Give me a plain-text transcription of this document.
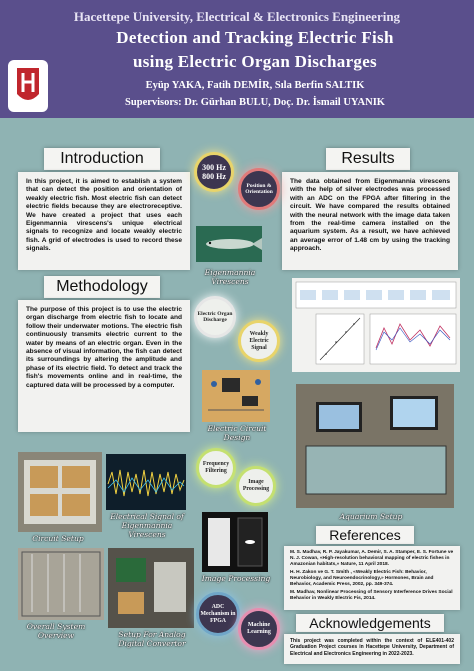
Hacettepe University, Electrical & Electronics Engineering
Detection and Tracking Electric Fish
using Electric Organ Discharges
Eyüp YAKA, Fatih DEMİR, Sıla Berfin SALTIK
Supervisors: Dr. Gürhan BULU, Doç. Dr. İsmail UYANIK
Introduction
In this project, it is aimed to establish a system that can detect the position and orientation of weakly electric fish. Most electric fish can detect electric fields because they are electroreceptive. We have created a project that uses each Eigenmannia virescens's unique electrical signals to recognize and locate weakly electric fish. A grid of electrodes is used to record these signals.
Methodology
The purpose of this project is to use the electric organ discharge from electric fish to locate and follow their underwater motions. The electric fish continuously transmits electric current to the water by means of an electric organ. Even in the absence of visual information, the fish can detect its surroundings by altering the amplitude and phase of its electric field. To detect and track the fish's movements online and in real-time, the captured data will be processed by a computer.
Results
The data obtained from Eigenmannia virescens with the help of silver electrodes was processed with an ADC on the FPGA after filtering in the circuit. We have compared the results obtained with the neural network with the image data taken from the real-time camera installed on the aquarium system. As a result, we have achieved an average error of 1.48 cm by using the tracking approach.
300 Hz
800 Hz
Position & Orientation
Eigenmannia Virescens
Electric Organ Discharge
Weakly Electric Signal
Electric Circuit Design
Aquarium Setup
Circuit Setup
Electrical Signal of Eigenmannia Virescens
Frequency Filtering
Image Processing
Image Processing
Overall System Overview	Setup For Analog Digital Convertor
ADC Mechanism in FPGA
Machine Learning
References

M. S. Madhav, R. P. Jayakumar, A. Demir, S. A. Stamper, E. S. Fortune ve N. J. Cowan, «High-resolution behavioral mapping of electric fishes in Amazonian habitats,» Nature, 11 April 2018.

H. H. Zakon ve G. T. Smith , «Weakly Electric Fish: Behavior, Neurobiology, and Neuroendocrinology,» Hormones, Brain and Behavior, Academic Press, 2002, pp. 349-374.

M. Madhav, Nonlinear Processing of Sensory Interference Drives Social Behavior in Weakly Electric Fis, 2014.

Acknowledgements
This project was completed within the context of ELE401-402 Graduation Project courses in Hacettepe University, Department of Electrical and Electronics Engineering in 2022-2023.
